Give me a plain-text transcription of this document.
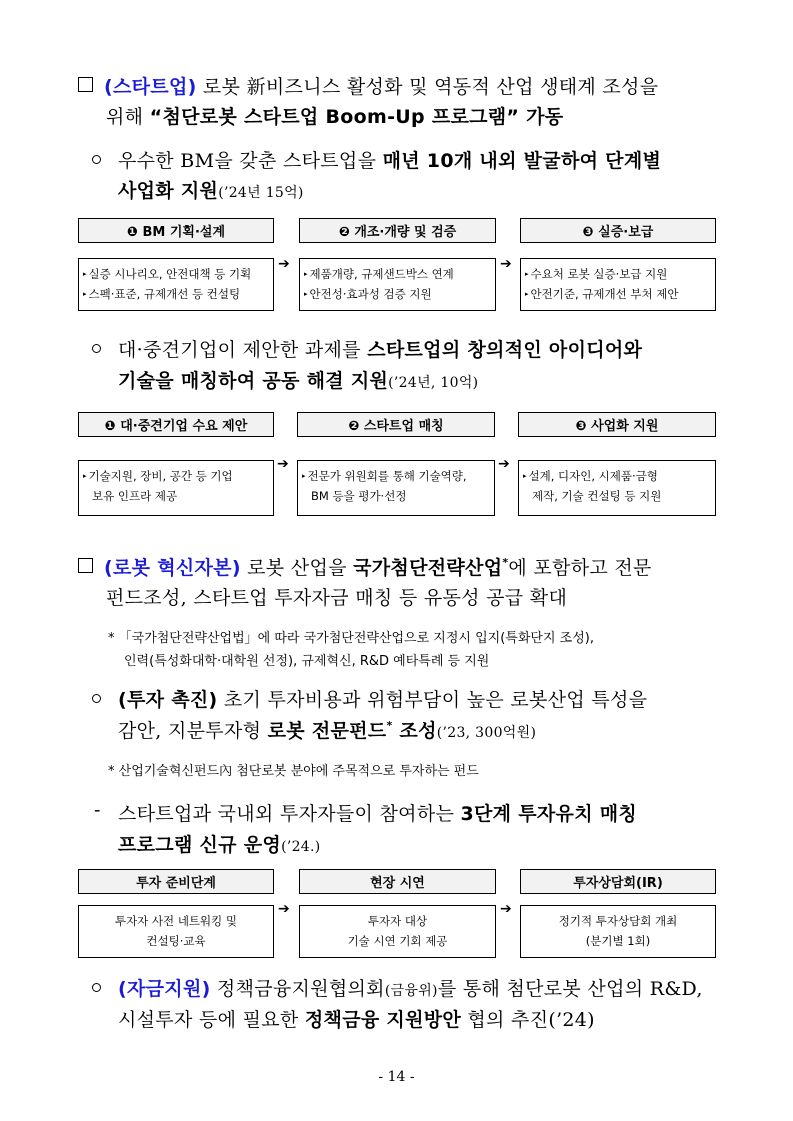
(스타트업) 로봇 新비즈니스 활성화 및 역동적 산업 생태계 조성을
위해 “첨단로봇 스타트업 Boom-Up 프로그램” 가동
우수한 BM을 갖춘 스타트업을 매년 10개 내외 발굴하여 단계별
사업화 지원(’24년 15억)
❶ BM 기획·설계	❷ 개조·개량 및 검증	❸ 실증·보급
▸ 실증 시나리오, 안전대책 등 기획
▸ 스펙·표준, 규제개선 등 컨설팅
➔
▸ 제품개량, 규제샌드박스 연계
▸ 안전성·효과성 검증 지원
➔
▸ 수요처 로봇 실증·보급 지원
▸ 안전기준, 규제개선 부처 제안
대·중견기업이 제안한 과제를 스타트업의 창의적인 아이디어와
기술을 매칭하여 공동 해결 지원(’24년, 10억)
❶ 대·중견기업 수요 제안	❷ 스타트업 매칭	❸ 사업화 지원
▸ 기술지원, 장비, 공간 등 기업
보유 인프라 제공
➔
▸ 전문가 위원회를 통해 기술역량,
BM 등을 평가·선정
➔
▸ 설계, 디자인, 시제품·금형
제작, 기술 컨설팅 등 지원
(로봇 혁신자본) 로봇 산업을 국가첨단전략산업*에 포함하고 전문
펀드조성, 스타트업 투자자금 매칭 등 유동성 공급 확대
* 「국가첨단전략산업법」에 따라 국가첨단전략산업으로 지정시 입지(특화단지 조성),
인력(특성화대학·대학원 선정), 규제혁신, R&D 예타특례 등 지원
(투자 촉진) 초기 투자비용과 위험부담이 높은 로봇산업 특성을
감안, 지분투자형 로봇 전문펀드* 조성(’23, 300억원)
* 산업기술혁신펀드內 첨단로봇 분야에 주목적으로 투자하는 펀드
- 스타트업과 국내외 투자자들이 참여하는 3단계 투자유치 매칭
프로그램 신규 운영(’24.)
투자 준비단계	현장 시연	투자상담회(IR)
투자자 사전 네트워킹 및
컨설팅·교육
➔
투자자 대상
기술 시연 기회 제공
➔
정기적 투자상담회 개최
(분기별 1회)
(자금지원) 정책금융지원협의회(금융위)를 통해 첨단로봇 산업의 R&D,
시설투자 등에 필요한 정책금융 지원방안 협의 추진(’24)
- 14 -
